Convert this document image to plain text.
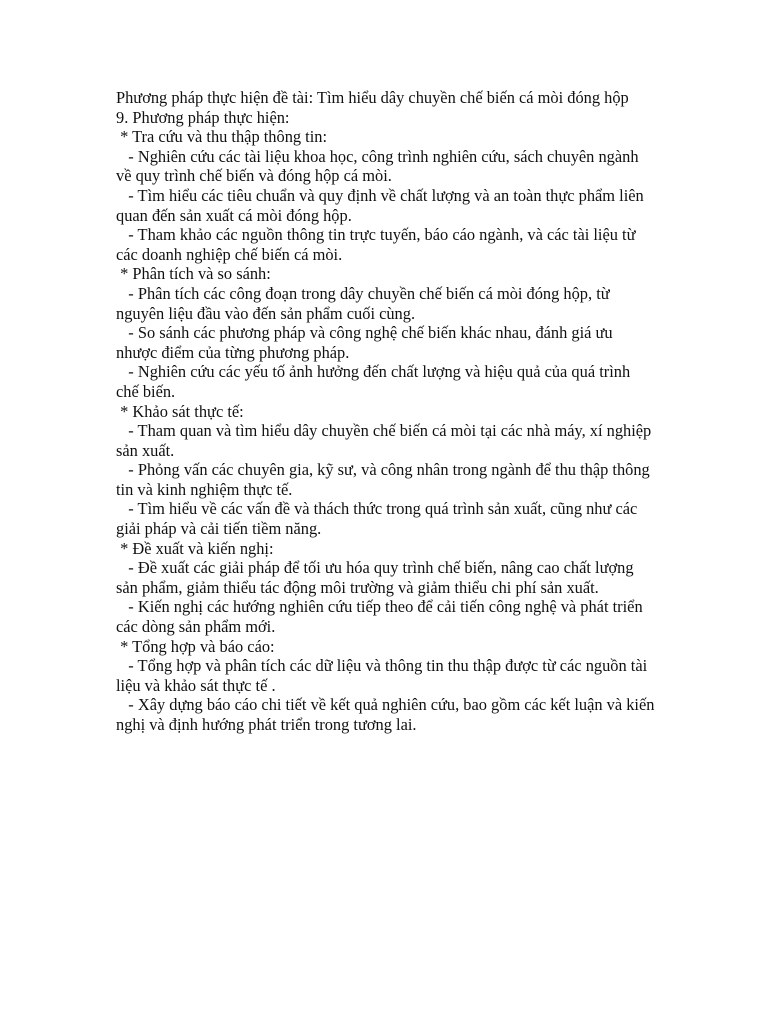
Phương pháp thực hiện đề tài: Tìm hiểu dây chuyền chế biến cá mòi đóng hộp

9. Phương pháp thực hiện:

* Tra cứu và thu thập thông tin:

- Nghiên cứu các tài liệu khoa học, công trình nghiên cứu, sách chuyên ngành về quy trình chế biến và đóng hộp cá mòi.

- Tìm hiểu các tiêu chuẩn và quy định về chất lượng và an toàn thực phẩm liên quan đến sản xuất cá mòi đóng hộp.

- Tham khảo các nguồn thông tin trực tuyến, báo cáo ngành, và các tài liệu từ các doanh nghiệp chế biến cá mòi.

* Phân tích và so sánh:

- Phân tích các công đoạn trong dây chuyền chế biến cá mòi đóng hộp, từ nguyên liệu đầu vào đến sản phẩm cuối cùng.

- So sánh các phương pháp và công nghệ chế biến khác nhau, đánh giá ưu nhược điểm của từng phương pháp.

- Nghiên cứu các yếu tố ảnh hưởng đến chất lượng và hiệu quả của quá trình chế biến.

* Khảo sát thực tế:

- Tham quan và tìm hiểu dây chuyền chế biến cá mòi tại các nhà máy, xí nghiệp sản xuất.

- Phỏng vấn các chuyên gia, kỹ sư, và công nhân trong ngành để thu thập thông tin và kinh nghiệm thực tế.

- Tìm hiểu về các vấn đề và thách thức trong quá trình sản xuất, cũng như các giải pháp và cải tiến tiềm năng.

* Đề xuất và kiến nghị:

- Đề xuất các giải pháp để tối ưu hóa quy trình chế biến, nâng cao chất lượng sản phẩm, giảm thiểu tác động môi trường và giảm thiểu chi phí sản xuất.

- Kiến nghị các hướng nghiên cứu tiếp theo để cải tiến công nghệ và phát triển các dòng sản phẩm mới.

* Tổng hợp và báo cáo:

- Tổng hợp và phân tích các dữ liệu và thông tin thu thập được từ các nguồn tài liệu và khảo sát thực tế .

- Xây dựng báo cáo chi tiết về kết quả nghiên cứu, bao gồm các kết luận và kiến nghị và định hướng phát triển trong tương lai.
